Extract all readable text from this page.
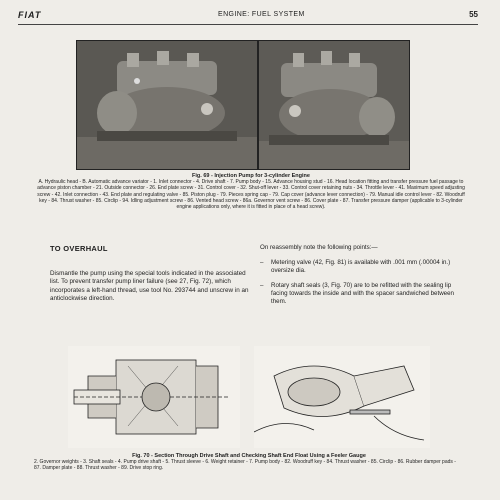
FIAT	ENGINE: FUEL SYSTEM	55
Fig. 69 - Injection Pump for 3-cylinder Engine
A. Hydraulic head - B. Automatic advance variator - 1. Inlet connector - 4. Drive shaft - 7. Pump body - 15. Advance housing stud - 16. Head location fitting and transfer pressure fuel passage to advance piston chamber - 21. Outside connector - 26. End plate screw - 31. Control cover - 32. Shut-off lever - 33. Control cover retaining nuts - 34. Throttle lever - 41. Maximum speed adjusting screw - 42. Inlet connection - 43. End plate and regulating valve - 85. Piston plug - 79. Pieces spring cap - 79. Cap cover (advance lever connection) - 79. Manual idle control lever - 82. Woodruff key - 84. Thrust washer - 85. Circlip - 94. Idling adjustment screw - 86. Vented head screw - 86a. Governor vent screw - 86. Cover plate - 87. Transfer pressure damper (applicable to 3-cylinder engine applications only, where it is fitted in place of a head screw).
TO OVERHAUL
Dismantle the pump using the special tools indicated in the associated list. To prevent transfer pump liner failure (see 27, Fig. 72), which incorporates a left-hand thread, use tool No. 293744 and unscrew in an anticlockwise direction.
On reassembly note the following points:—
–	Metering valve (42, Fig. 81) is available with .001 mm (.00004 in.) oversize dia.
–	Rotary shaft seals (3, Fig. 70) are to be refitted with the sealing lip facing towards the inside and with the spacer sandwiched between them.
Fig. 70 - Section Through Drive Shaft and Checking Shaft End Float Using a Feeler Gauge
2. Governor weights - 3. Shaft seals - 4. Pump drive shaft - 5. Thrust sleeve - 6. Weight retainer - 7. Pump body - 82. Woodruff key - 84. Thrust washer - 85. Circlip - 86. Rubber damper pads - 87. Damper plate - 88. Thrust washer - 89. Drive stop ring.
